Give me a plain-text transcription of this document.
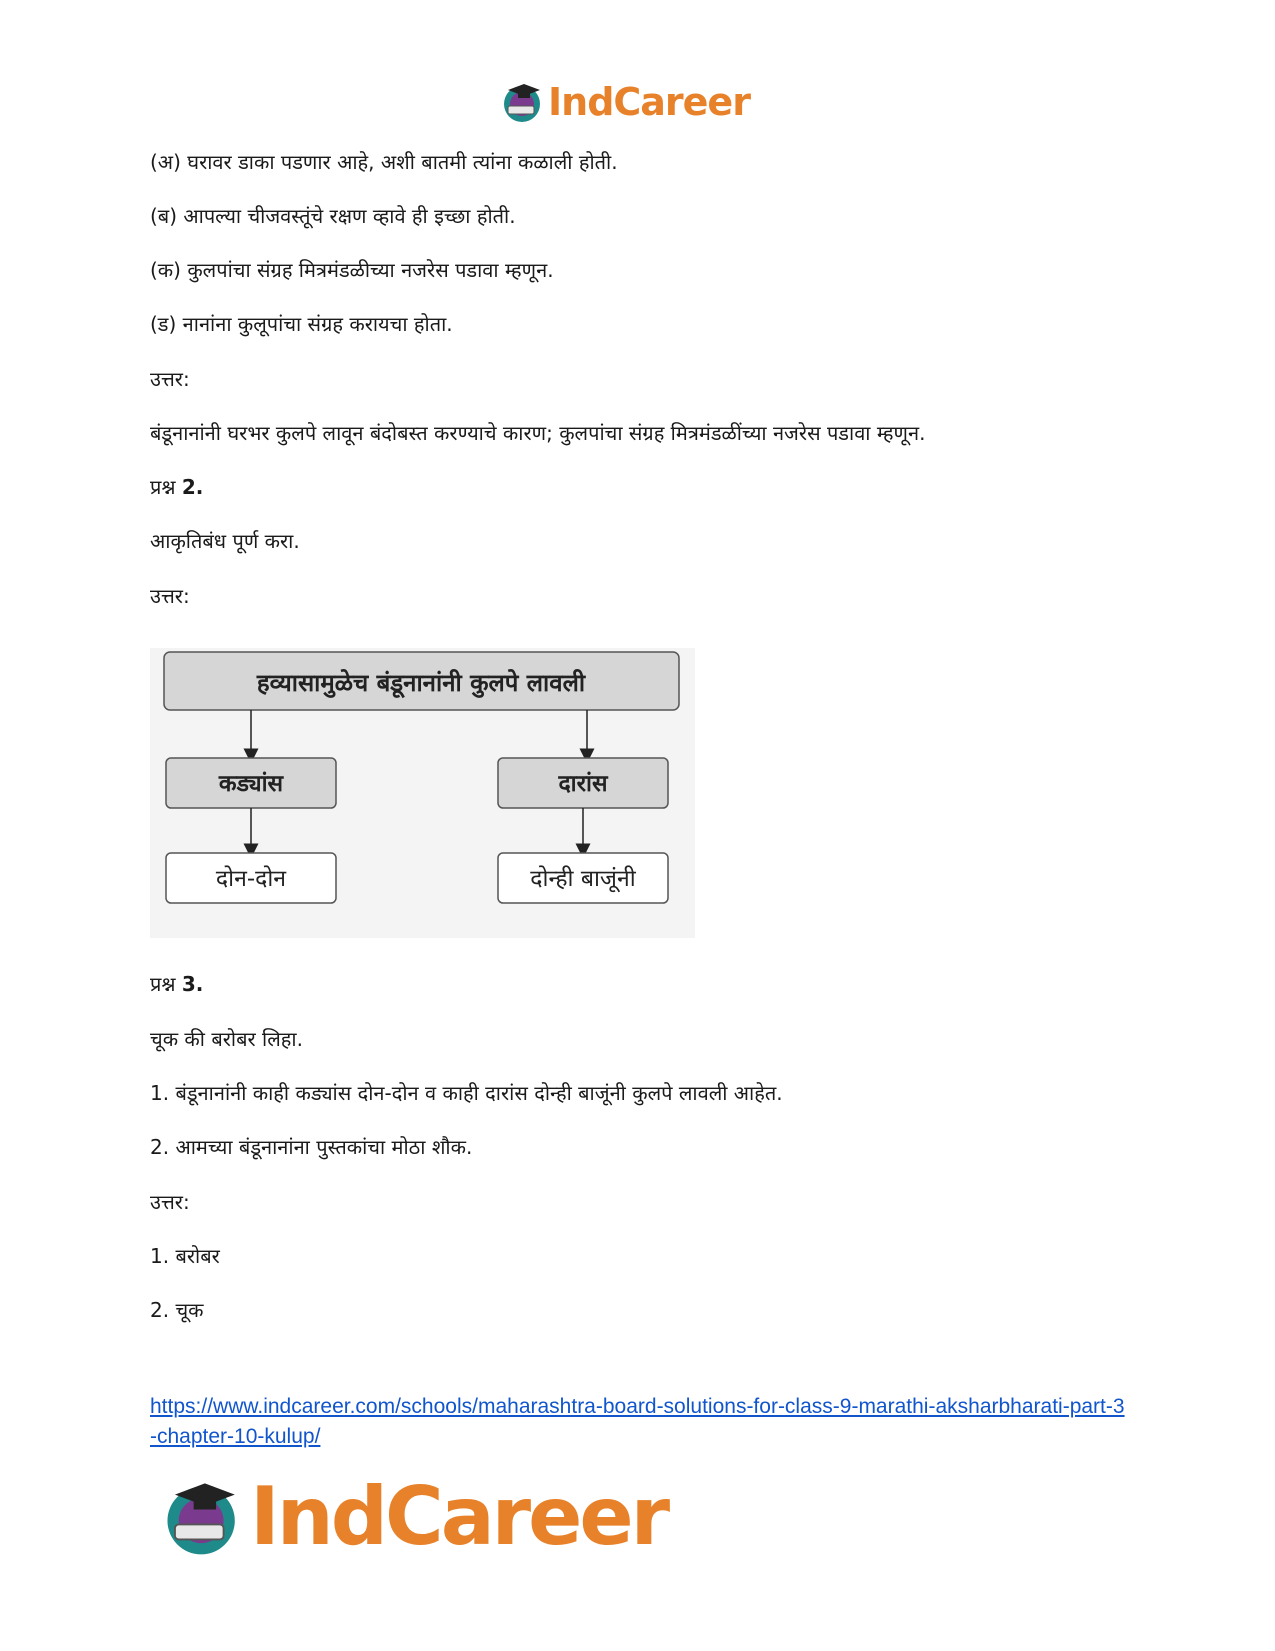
IndCareer
(अ) घरावर डाका पडणार आहे, अशी बातमी त्यांना कळाली होती.
(ब) आपल्या चीजवस्तूंचे रक्षण व्हावे ही इच्छा होती.
(क) कुलपांचा संग्रह मित्रमंडळीच्या नजरेस पडावा म्हणून.
(ड) नानांना कुलूपांचा संग्रह करायचा होता.
उत्तर:
बंडूनानांनी घरभर कुलपे लावून बंदोबस्त करण्याचे कारण; कुलपांचा संग्रह मित्रमंडळींच्या नजरेस पडावा म्हणून.
प्रश्न 2.
आकृतिबंध पूर्ण करा.
उत्तर:
हव्यासामुळेच बंडूनानांनी कुलपे लावली
कड्यांस	दारांस
दोन-दोन	दोन्ही बाजूंनी
प्रश्न 3.
चूक की बरोबर लिहा.
1. बंडूनानांनी काही कड्यांस दोन-दोन व काही दारांस दोन्ही बाजूंनी कुलपे लावली आहेत.
2. आमच्या बंडूनानांना पुस्तकांचा मोठा शौक.
उत्तर:
1. बरोबर
2. चूक
https://www.indcareer.com/schools/maharashtra-board-solutions-for-class-9-marathi-aksharbharati-part-3-chapter-10-kulup/
IndCareer
